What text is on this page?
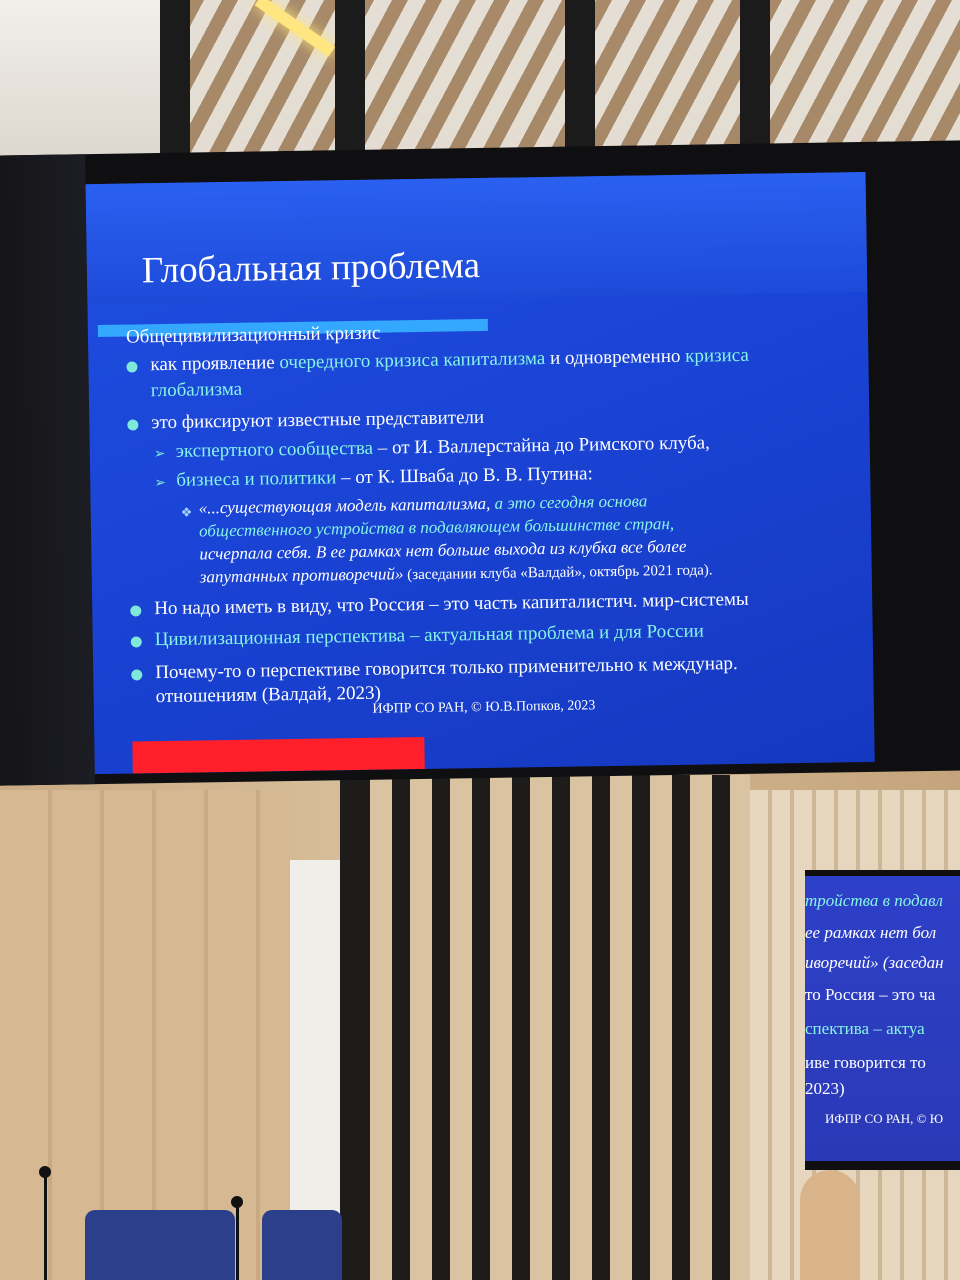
тройства в подавл
ее рамках нет бол
иворечий» (заседан
то Россия – это ча
спектива – актуа
иве говорится то
2023)
ИФПР СО РАН, © Ю
Глобальная проблема
Общецивилизационный кризис
как проявление очередного кризиса капитализма и одновременно кризиса
глобализма
это фиксируют известные представители
➢ экспертного сообщества – от И. Валлерстайна до Римского клуба,
➢ бизнеса и политики – от К. Шваба до В. В. Путина:
❖ «...существующая модель капитализма, а это сегодня основа
общественного устройства в подавляющем большинстве стран,
исчерпала себя. В ее рамках нет больше выхода из клубка все более
запутанных противоречий» (заседании клуба «Валдай», октябрь 2021 года).
Но надо иметь в виду, что Россия – это часть капиталистич. мир-системы
Цивилизационная перспектива – актуальная проблема и для России
Почему-то о перспективе говорится только применительно к междунар.
отношениям (Валдай, 2023)
ИФПР СО РАН, © Ю.В.Попков, 2023
